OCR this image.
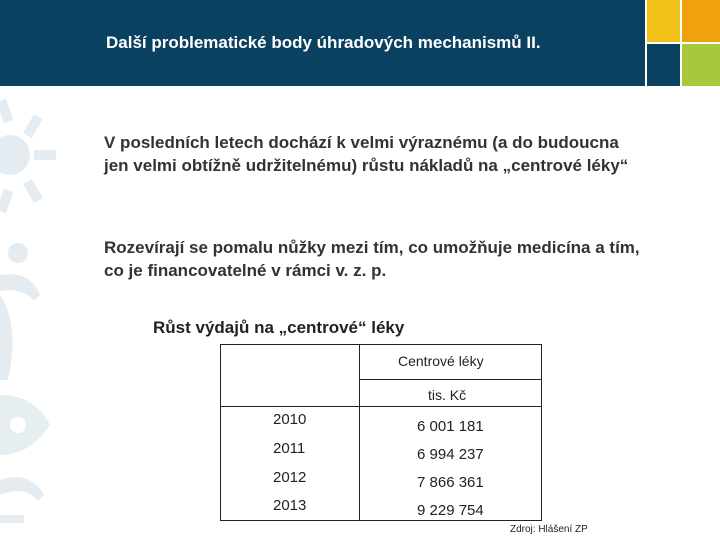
Další problematické body úhradových mechanismů II.
V posledních letech dochází k velmi výraznému (a do budoucna jen velmi obtížně udržitelnému) růstu nákladů na „centrové léky“
Rozevírají se pomalu nůžky mezi tím, co umožňuje medicína a tím, co je financovatelné v rámci v. z. p.
Růst výdajů na „centrové“ léky
Centrové léky
tis. Kč
2010	6 001 181
2011	6 994 237
2012	7 866 361
2013	9 229 754
Zdroj: Hlášení ZP
